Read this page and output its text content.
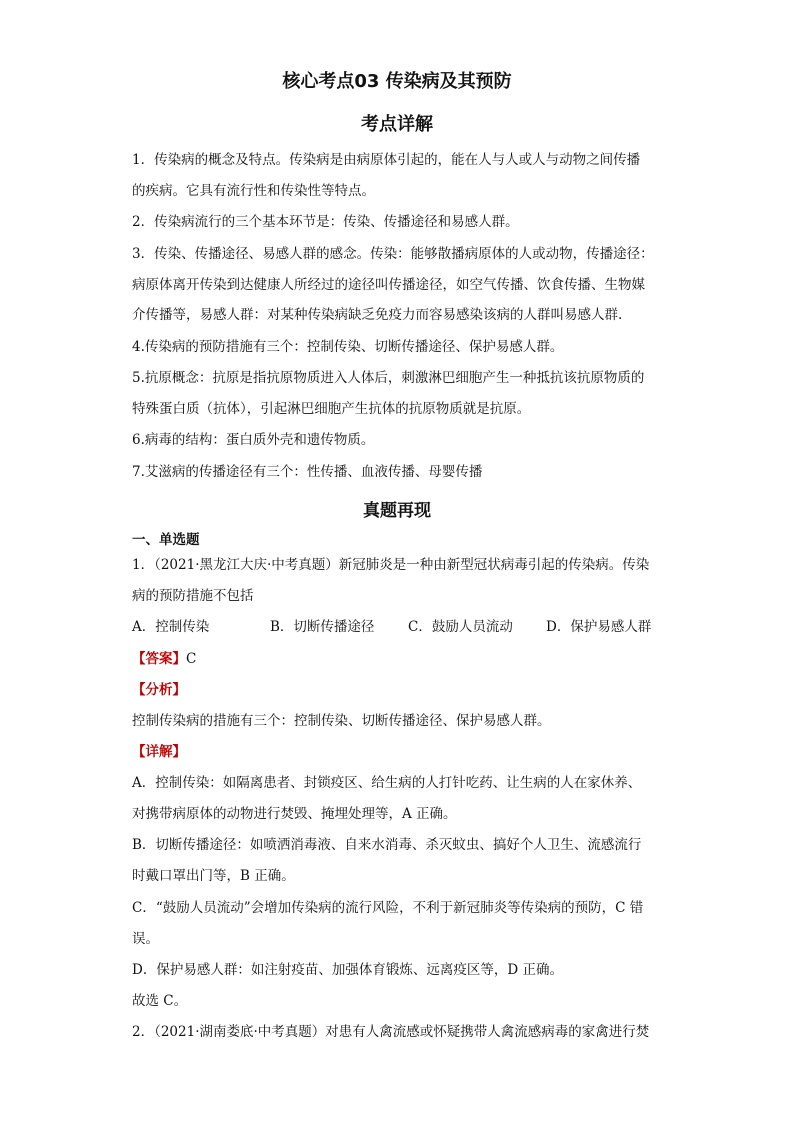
核心考点03 传染病及其预防
考点详解
1．传染病的概念及特点。传染病是由病原体引起的，能在人与人或人与动物之间传播
的疾病。它具有流行性和传染性等特点。
2．传染病流行的三个基本环节是：传染、传播途径和易感人群。
3．传染、传播途径、易感人群的感念。传染：能够散播病原体的人或动物，传播途径：
病原体离开传染到达健康人所经过的途径叫传播途径，如空气传播、饮食传播、生物媒
介传播等，易感人群：对某种传染病缺乏免疫力而容易感染该病的人群叫易感人群.
4.传染病的预防措施有三个：控制传染、切断传播途径、保护易感人群。
5.抗原概念：抗原是指抗原物质进入人体后，刺激淋巴细胞产生一种抵抗该抗原物质的
特殊蛋白质（抗体），引起淋巴细胞产生抗体的抗原物质就是抗原。
6.病毒的结构：蛋白质外壳和遗传物质。
7.艾滋病的传播途径有三个：性传播、血液传播、母婴传播
真题再现
一、单选题
1．（2021·黑龙江大庆·中考真题）新冠肺炎是一种由新型冠状病毒引起的传染病。传染
病的预防措施不包括
A．控制传染	B．切断传播途径 C．鼓励人员流动 D．保护易感人群
【答案】C
【分析】
控制传染病的措施有三个：控制传染、切断传播途径、保护易感人群。
【详解】
A．控制传染：如隔离患者、封锁疫区、给生病的人打针吃药、让生病的人在家休养、
对携带病原体的动物进行焚毁、掩埋处理等，A 正确。
B．切断传播途径：如喷洒消毒液、自来水消毒、杀灭蚊虫、搞好个人卫生、流感流行
时戴口罩出门等，B 正确。
C．“鼓励人员流动”会增加传染病的流行风险，不利于新冠肺炎等传染病的预防，C 错
误。
D．保护易感人群：如注射疫苗、加强体育锻炼、远离疫区等，D 正确。
故选 C。
2．（2021·湖南娄底·中考真题）对患有人禽流感或怀疑携带人禽流感病毒的家禽进行焚
